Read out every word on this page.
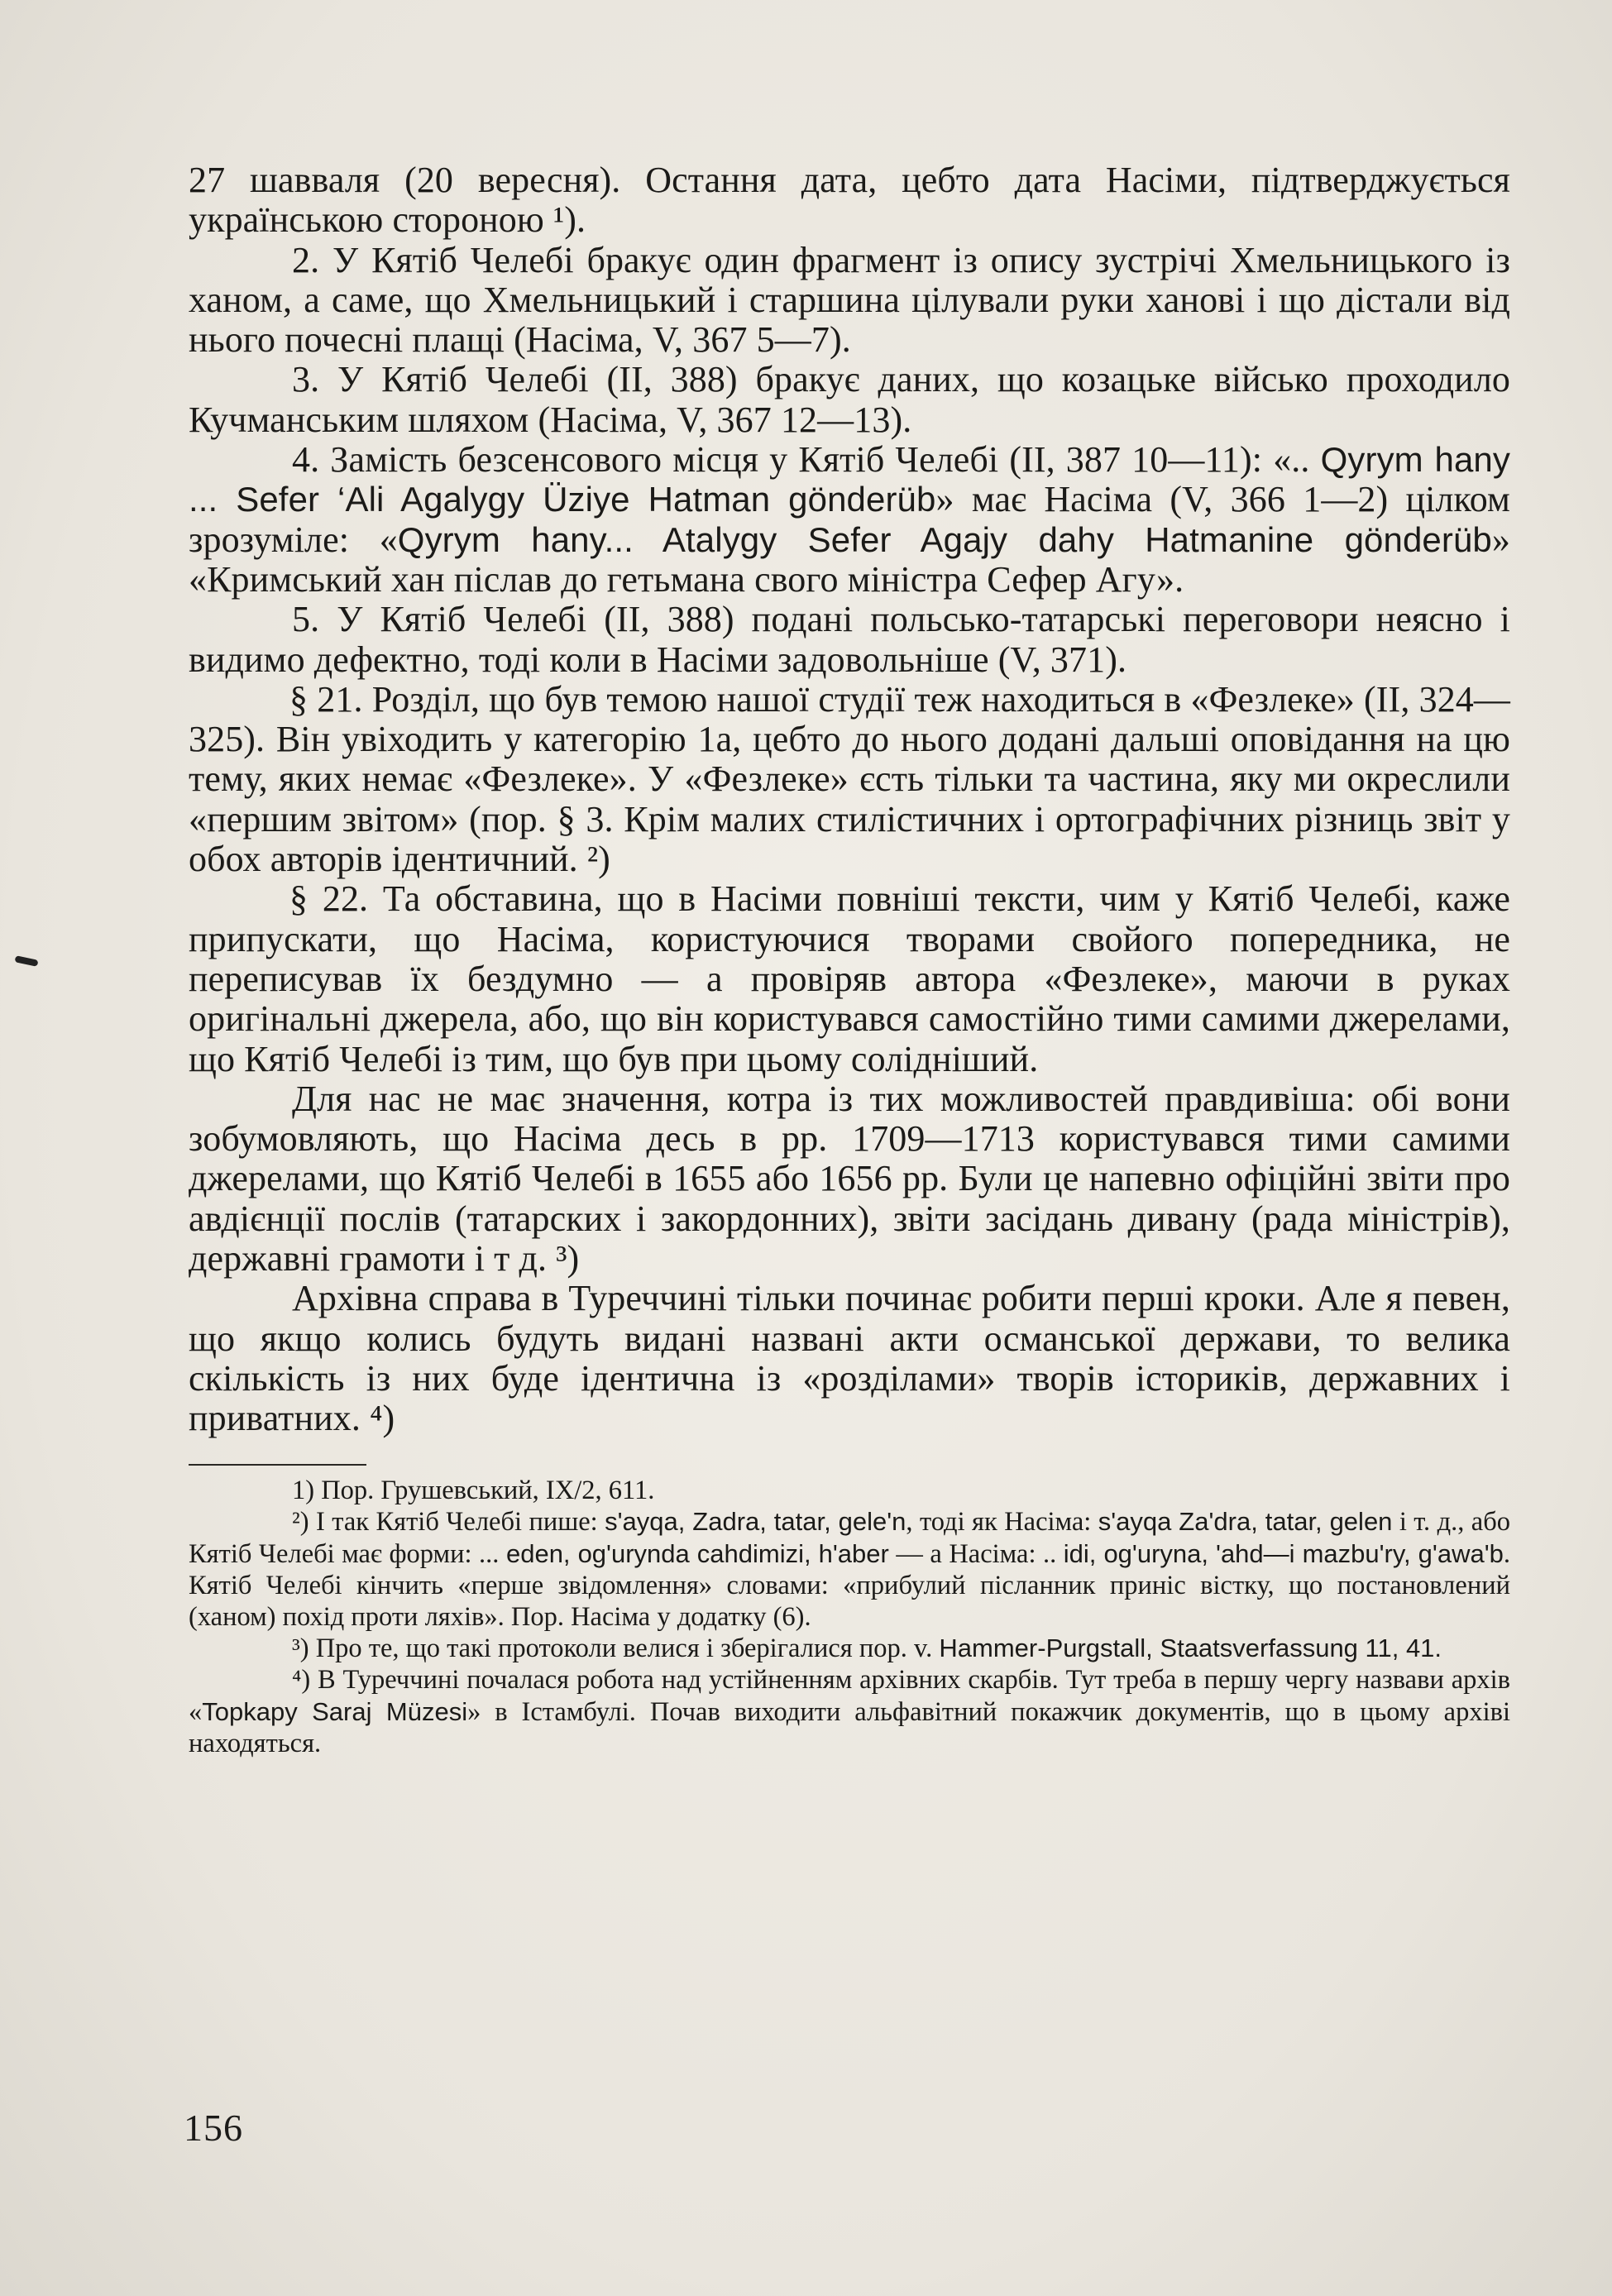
27 шавваля (20 вересня). Остання дата, цебто дата Насіми, підтверджується українською стороною ¹).

2. У Кятіб Челебі бракує один фрагмент із опису зустрічі Хмельницького із ханом, а саме, що Хмельницький і старшина цілували руки ханові і що дістали від нього почесні плащі (Насіма, V, 367 5—7).

3. У Кятіб Челебі (II, 388) бракує даних, що козацьке військо проходило Кучманським шляхом (Насіма, V, 367 12—13).

4. Замість безсенсового місця у Кятіб Челебі (II, 387 10—11): «.. Qyrym hany ... Sefer ‘Ali Agalygy Üziye Hatman gönderüb» має Насіма (V, 366 1—2) цілком зрозуміле: «Qyrym hany... Atalygy Sefer Agajy dahy Hatmanine gönderüb» «Кримський хан післав до гетьмана свого міністра Сефер Агу».

5. У Кятіб Челебі (II, 388) подані польсько-татарські переговори неясно і видимо дефектно, тоді коли в Насіми задовольніше (V, 371).

§ 21. Розділ, що був темою нашої студії теж находиться в «Фезлеке» (II, 324—325). Він увіходить у категорію 1а, цебто до нього додані дальші оповідання на цю тему, яких немає «Фезлеке». У «Фезлеке» єсть тільки та частина, яку ми окреслили «першим звітом» (пор. § 3. Крім малих стилістичних і ортографічних різниць звіт у обох авторів ідентичний. ²)

§ 22. Та обставина, що в Насіми повніші тексти, чим у Кятіб Челебі, каже припускати, що Насіма, користуючися творами свойого попередника, не переписував їх бездумно — а провіряв автора «Фезлеке», маючи в руках оригінальні джерела, або, що він користувався самостійно тими самими джерелами, що Кятіб Челебі із тим, що був при цьому солідніший.

Для нас не має значення, котра із тих можливостей правдивіша: обі вони зобумовляють, що Насіма десь в рр. 1709—1713 користувався тими самими джерелами, що Кятіб Челебі в 1655 або 1656 рр. Були це напевно офіційні звіти про авдієнції послів (татарских і закордонних), звіти засідань дивану (рада міністрів), державні грамоти і т д. ³)

Архівна справа в Туреччині тільки починає робити перші кроки. Але я певен, що якщо колись будуть видані названі акти османської держави, то велика скількість із них буде ідентична із «розділами» творів істориків, державних і приватних. ⁴)

1) Пор. Грушевський, IX/2, 611.

²) І так Кятіб Челебі пише: s'ayqa, Zadra, tatar, gele'n, тоді як Насіма: s'ayqa Za'dra, tatar, gelen і т. д., або Кятіб Челебі має форми: ... eden, og'urynda cahdimizi, h'aber — а Насіма: .. idi, og'uryna, 'ahd—i mazbu'ry, g'awa'b. Кятіб Челебі кінчить «перше звідомлення» словами: «прибулий післанник приніс вістку, що постановлений (ханом) похід проти ляхів». Пор. Насіма у додатку (6).

³) Про те, що такі протоколи велися і зберігалися пор. v. Hammer-Purgstall, Staatsverfassung 11, 41.

⁴) В Туреччині почалася робота над устійненням архівних скарбів. Тут треба в першу чергу назвави архів «Topkapy Saraj Müzesi» в Істамбулі. Почав виходити альфавітний покажчик документів, що в цьому архіві находяться.

156
